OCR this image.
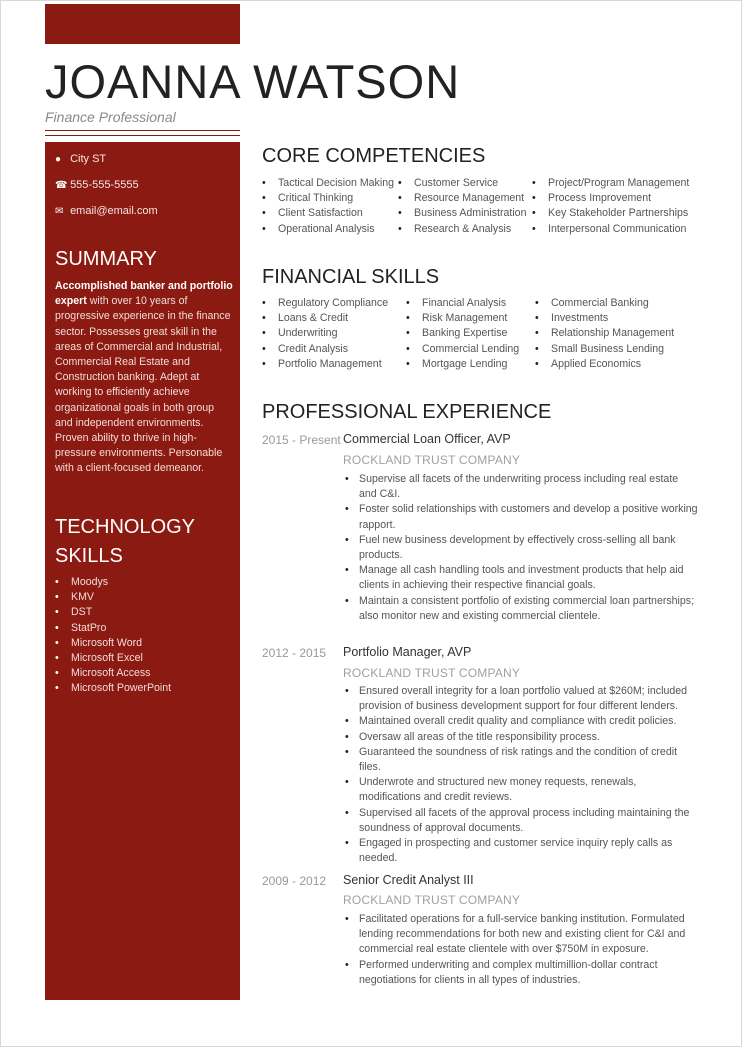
JOANNA WATSON
Finance Professional
● City ST
☎ 555-555-5555
✉ email@email.com
SUMMARY
Accomplished banker and portfolio expert with over 10 years of progressive experience in the finance sector. Possesses great skill in the areas of Commercial and Industrial, Commercial Real Estate and Construction banking. Adept at working to efficiently achieve organizational goals in both group and independent environments. Proven ability to thrive in high-pressure environments. Personable with a client-focused demeanor.
TECHNOLOGY
SKILLS
• Moodys
• KMV
• DST
• StatPro
• Microsoft Word
• Microsoft Excel
• Microsoft Access
• Microsoft PowerPoint
CORE COMPETENCIES
• Tactical Decision Making
• Critical Thinking
• Client Satisfaction
• Operational Analysis
• Customer Service
• Resource Management
• Business Administration
• Research & Analysis
• Project/Program Management
• Process Improvement
• Key Stakeholder Partnerships
• Interpersonal Communication
FINANCIAL SKILLS
• Regulatory Compliance
• Loans & Credit
• Underwriting
• Credit Analysis
• Portfolio Management
• Financial Analysis
• Risk Management
• Banking Expertise
• Commercial Lending
• Mortgage Lending
• Commercial Banking
• Investments
• Relationship Management
• Small Business Lending
• Applied Economics
PROFESSIONAL EXPERIENCE
2015 - Present Commercial Loan Officer, AVP
ROCKLAND TRUST COMPANY
• Supervise all facets of the underwriting process including real estate and C&I.
• Foster solid relationships with customers and develop a positive working rapport.
• Fuel new business development by effectively cross-selling all bank products.
• Manage all cash handling tools and investment products that help aid clients in achieving their respective financial goals.
• Maintain a consistent portfolio of existing commercial loan partnerships; also monitor new and existing commercial clientele.
2012 - 2015 Portfolio Manager, AVP
ROCKLAND TRUST COMPANY
• Ensured overall integrity for a loan portfolio valued at $260M; included provision of business development support for four different lenders.
• Maintained overall credit quality and compliance with credit policies.
• Oversaw all areas of the title responsibility process.
• Guaranteed the soundness of risk ratings and the condition of credit files.
• Underwrote and structured new money requests, renewals, modifications and credit reviews.
• Supervised all facets of the approval process including maintaining the soundness of approval documents.
• Engaged in prospecting and customer service inquiry reply calls as needed.
2009 - 2012 Senior Credit Analyst III
ROCKLAND TRUST COMPANY
• Facilitated operations for a full-service banking institution. Formulated lending recommendations for both new and existing client for C&I and commercial real estate clientele with over $750M in exposure.
• Performed underwriting and complex multimillion-dollar contract negotiations for clients in all types of industries.
